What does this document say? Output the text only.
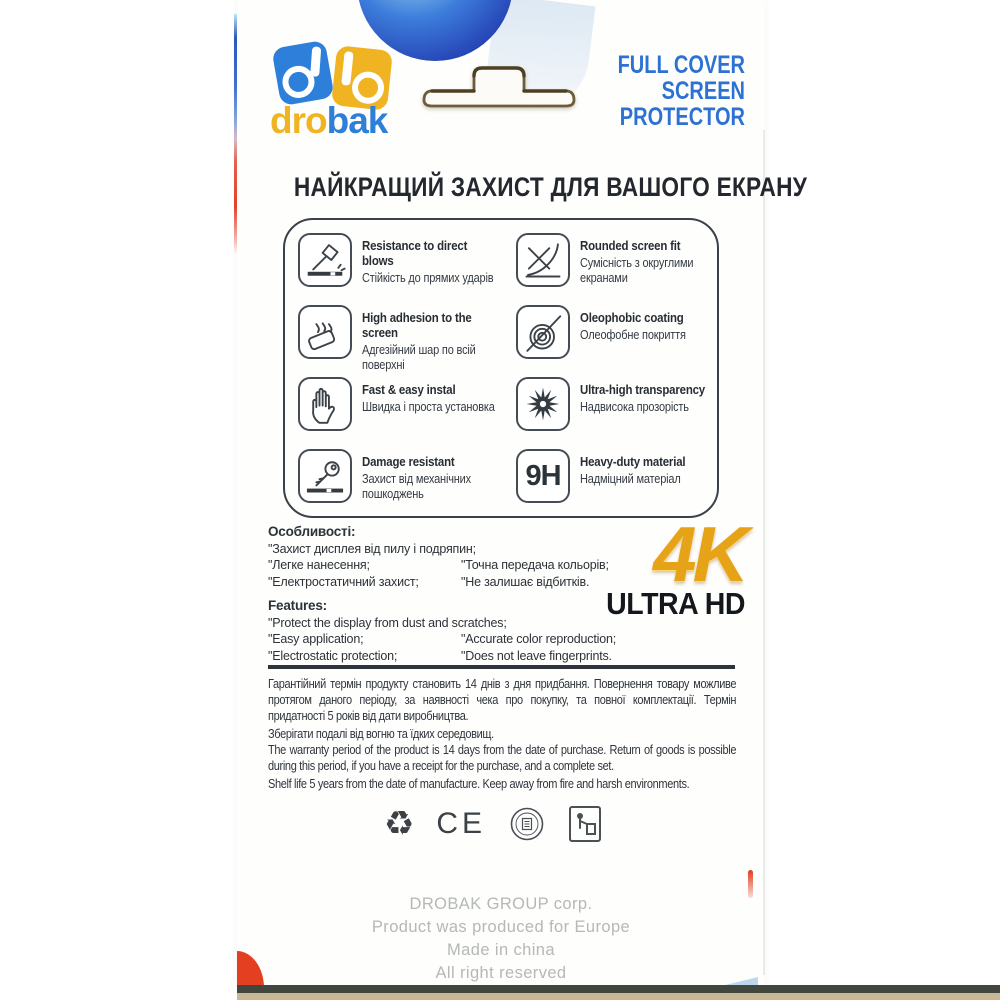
drobak
FULL COVER
SCREEN
PROTECTOR
НАЙКРАЩИЙ ЗАХИСТ ДЛЯ ВАШОГО ЕКРАНУ
Resistance to direct blows
Стійкість до прямих ударів
Rounded screen fit
Сумісність з округлими екранами
High adhesion to the screen
Адгезійний шар по всій поверхні
Oleophobic coating
Олеофобне покриття
Fast & easy instal
Швидка і проста установка
Ultra-high transparency
Надвисока прозорість
Damage resistant
Захист від механічних пошкоджень
9H Heavy-duty material
Надміцний матеріал
Особливості:
"Захист дисплея від пилу і подряпин;
"Легке нанесення;	"Точна передача кольорів;
"Електростатичний захист;	"Не залишає відбитків. 4K
ULTRA HD
Features:
"Protect the display from dust and scratches;
"Easy application;	"Accurate color reproduction;
"Electrostatic protection;	"Does not leave fingerprints.
Гарантійний термін продукту становить 14 днів з дня придбання. Повернення товару можливе протягом даного періоду, за наявності чека про покупку, та повної комплектації. Термін придатності 5 років від дати виробництва.
Зберігати подалі від вогню та їдких середовищ.
The warranty period of the product is 14 days from the date of purchase. Return of goods is possible during this period, if you have a receipt for the purchase, and a complete set.
Shelf life 5 years from the date of manufacture. Keep away from fire and harsh environments.
♻ CE
DROBAK GROUP corp.
Product was produced for Europe
Made in china
All right reserved
